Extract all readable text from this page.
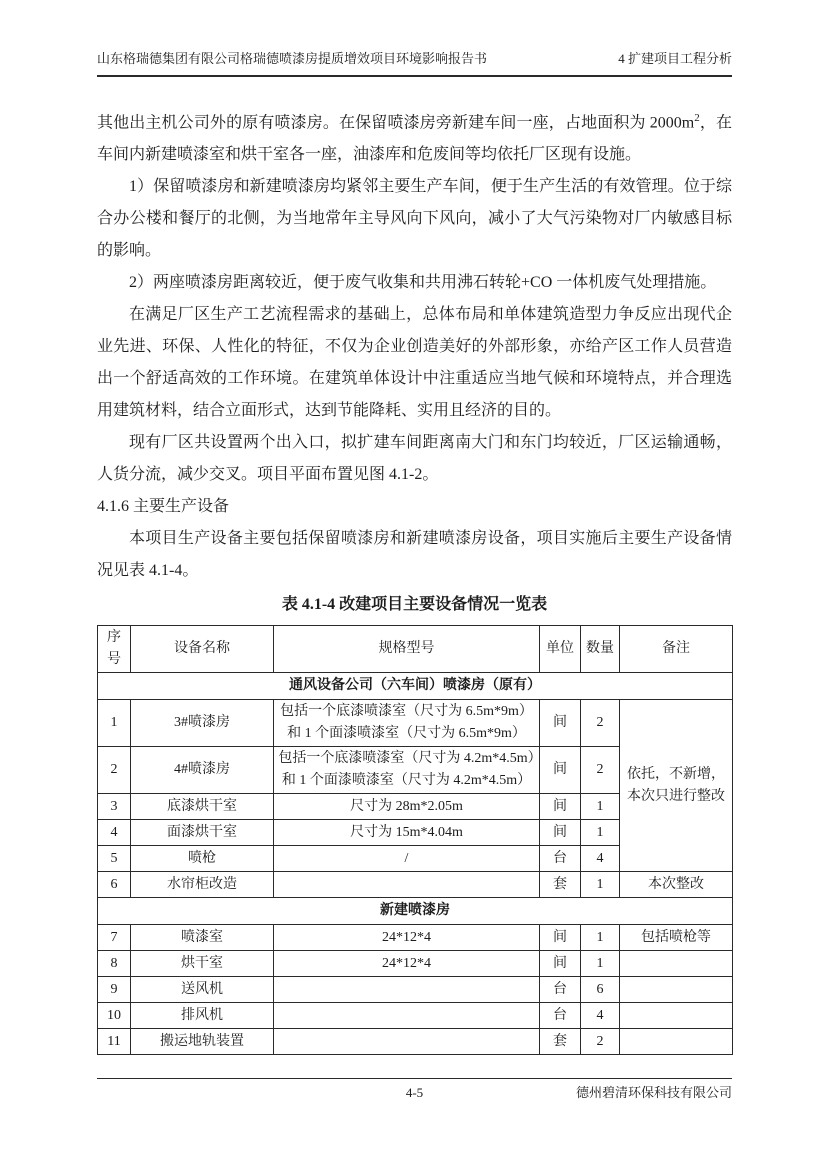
山东格瑞德集团有限公司格瑞德喷漆房提质增效项目环境影响报告书	4 扩建项目工程分析

其他出主机公司外的原有喷漆房。在保留喷漆房旁新建车间一座，占地面积为 $2000m^2$，在车间内新建喷漆室和烘干室各一座，油漆库和危废间等均依托厂区现有设施。

1）保留喷漆房和新建喷漆房均紧邻主要生产车间，便于生产生活的有效管理。位于综合办公楼和餐厅的北侧，为当地常年主导风向下风向，减小了大气污染物对厂内敏感目标的影响。

2）两座喷漆房距离较近，便于废气收集和共用沸石转轮+CO 一体机废气处理措施。

在满足厂区生产工艺流程需求的基础上，总体布局和单体建筑造型力争反应出现代企业先进、环保、人性化的特征，不仅为企业创造美好的外部形象，亦给产区工作人员营造出一个舒适高效的工作环境。在建筑单体设计中注重适应当地气候和环境特点，并合理选用建筑材料，结合立面形式，达到节能降耗、实用且经济的目的。

现有厂区共设置两个出入口，拟扩建车间距离南大门和东门均较近，厂区运输通畅，人货分流，减少交叉。项目平面布置见图 4.1-2。

4.1.6 主要生产设备

本项目生产设备主要包括保留喷漆房和新建喷漆房设备，项目实施后主要生产设备情况见表 4.1-4。

表 4.1-4 改建项目主要设备情况一览表
序号	设备名称	规格型号	单位	数量	备注
通风设备公司（六车间）喷漆房（原有）					
1	3#喷漆房	包括一个底漆喷漆室（尺寸为 6.5m*9m）和 1 个面漆喷漆室（尺寸为 6.5m*9m）	间	2	依托，不新增，本次只进行整改
2	4#喷漆房	包括一个底漆喷漆室（尺寸为 4.2m*4.5m）和 1 个面漆喷漆室（尺寸为 4.2m*4.5m）	间	2	
3	底漆烘干室	尺寸为 28m*2.05m	间	1	
4	面漆烘干室	尺寸为 15m*4.04m	间	1	
5	喷枪	/	台	4	
6	水帘柜改造		套	1	本次整改
新建喷漆房					
7	喷漆室	24*12*4	间	1	包括喷枪等
8	烘干室	24*12*4	间	1	
9	送风机		台	6	
10	排风机		台	4	
11	搬运地轨装置		套	2	
4-5	德州碧清环保科技有限公司
